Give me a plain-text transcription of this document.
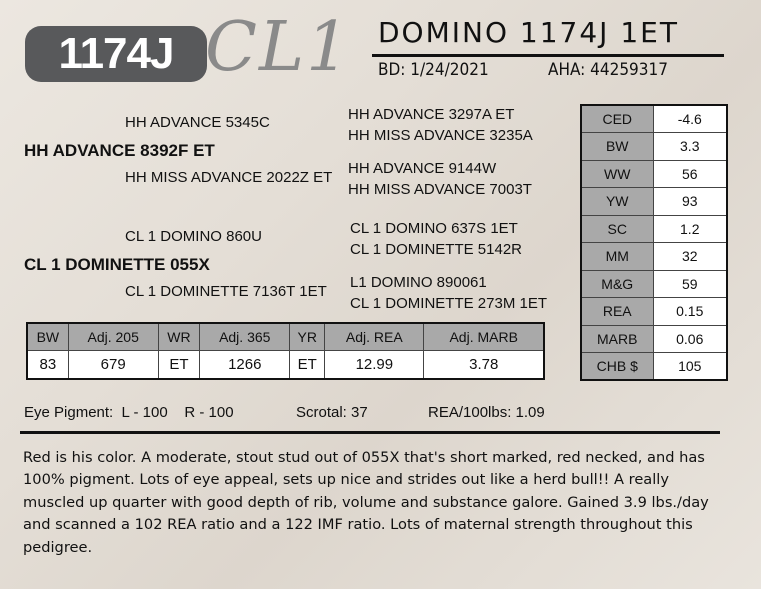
1174J CL1 DOMINO 1174J 1ET
BD: 1/24/2021	AHA: 44259317
HH ADVANCE 5345C
HH ADVANCE 8392F ET
HH MISS ADVANCE 2022Z ET
HH ADVANCE 3297A ET
HH MISS ADVANCE 3235A
HH ADVANCE 9144W
HH MISS ADVANCE 7003T
CL 1 DOMINO 860U
CL 1 DOMINETTE 055X
CL 1 DOMINETTE 7136T 1ET
CL 1 DOMINO 637S 1ET
CL 1 DOMINETTE 5142R
L1 DOMINO 890061
CL 1 DOMINETTE 273M 1ET
CED	-4.6
BW	3.3
WW	56
YW	93
SC	1.2
MM	32
M&G	59
REA	0.15
MARB	0.06
CHB $	105
BW	Adj. 205	WR	Adj. 365	YR	Adj. REA	Adj. MARB
83	679	ET	1266	ET	12.99	3.78
Eye Pigment:  L - 100    R - 100	Scrotal: 37	REA/100lbs: 1.09
Red is his color. A moderate, stout stud out of 055X that's short marked, red necked, and has 100% pigment. Lots of eye appeal, sets up nice and strides out like a herd bull!! A really muscled up quarter with good depth of rib, volume and substance galore. Gained 3.9 lbs./day and scanned a 102 REA ratio and a 122 IMF ratio. Lots of maternal strength throughout this pedigree.
